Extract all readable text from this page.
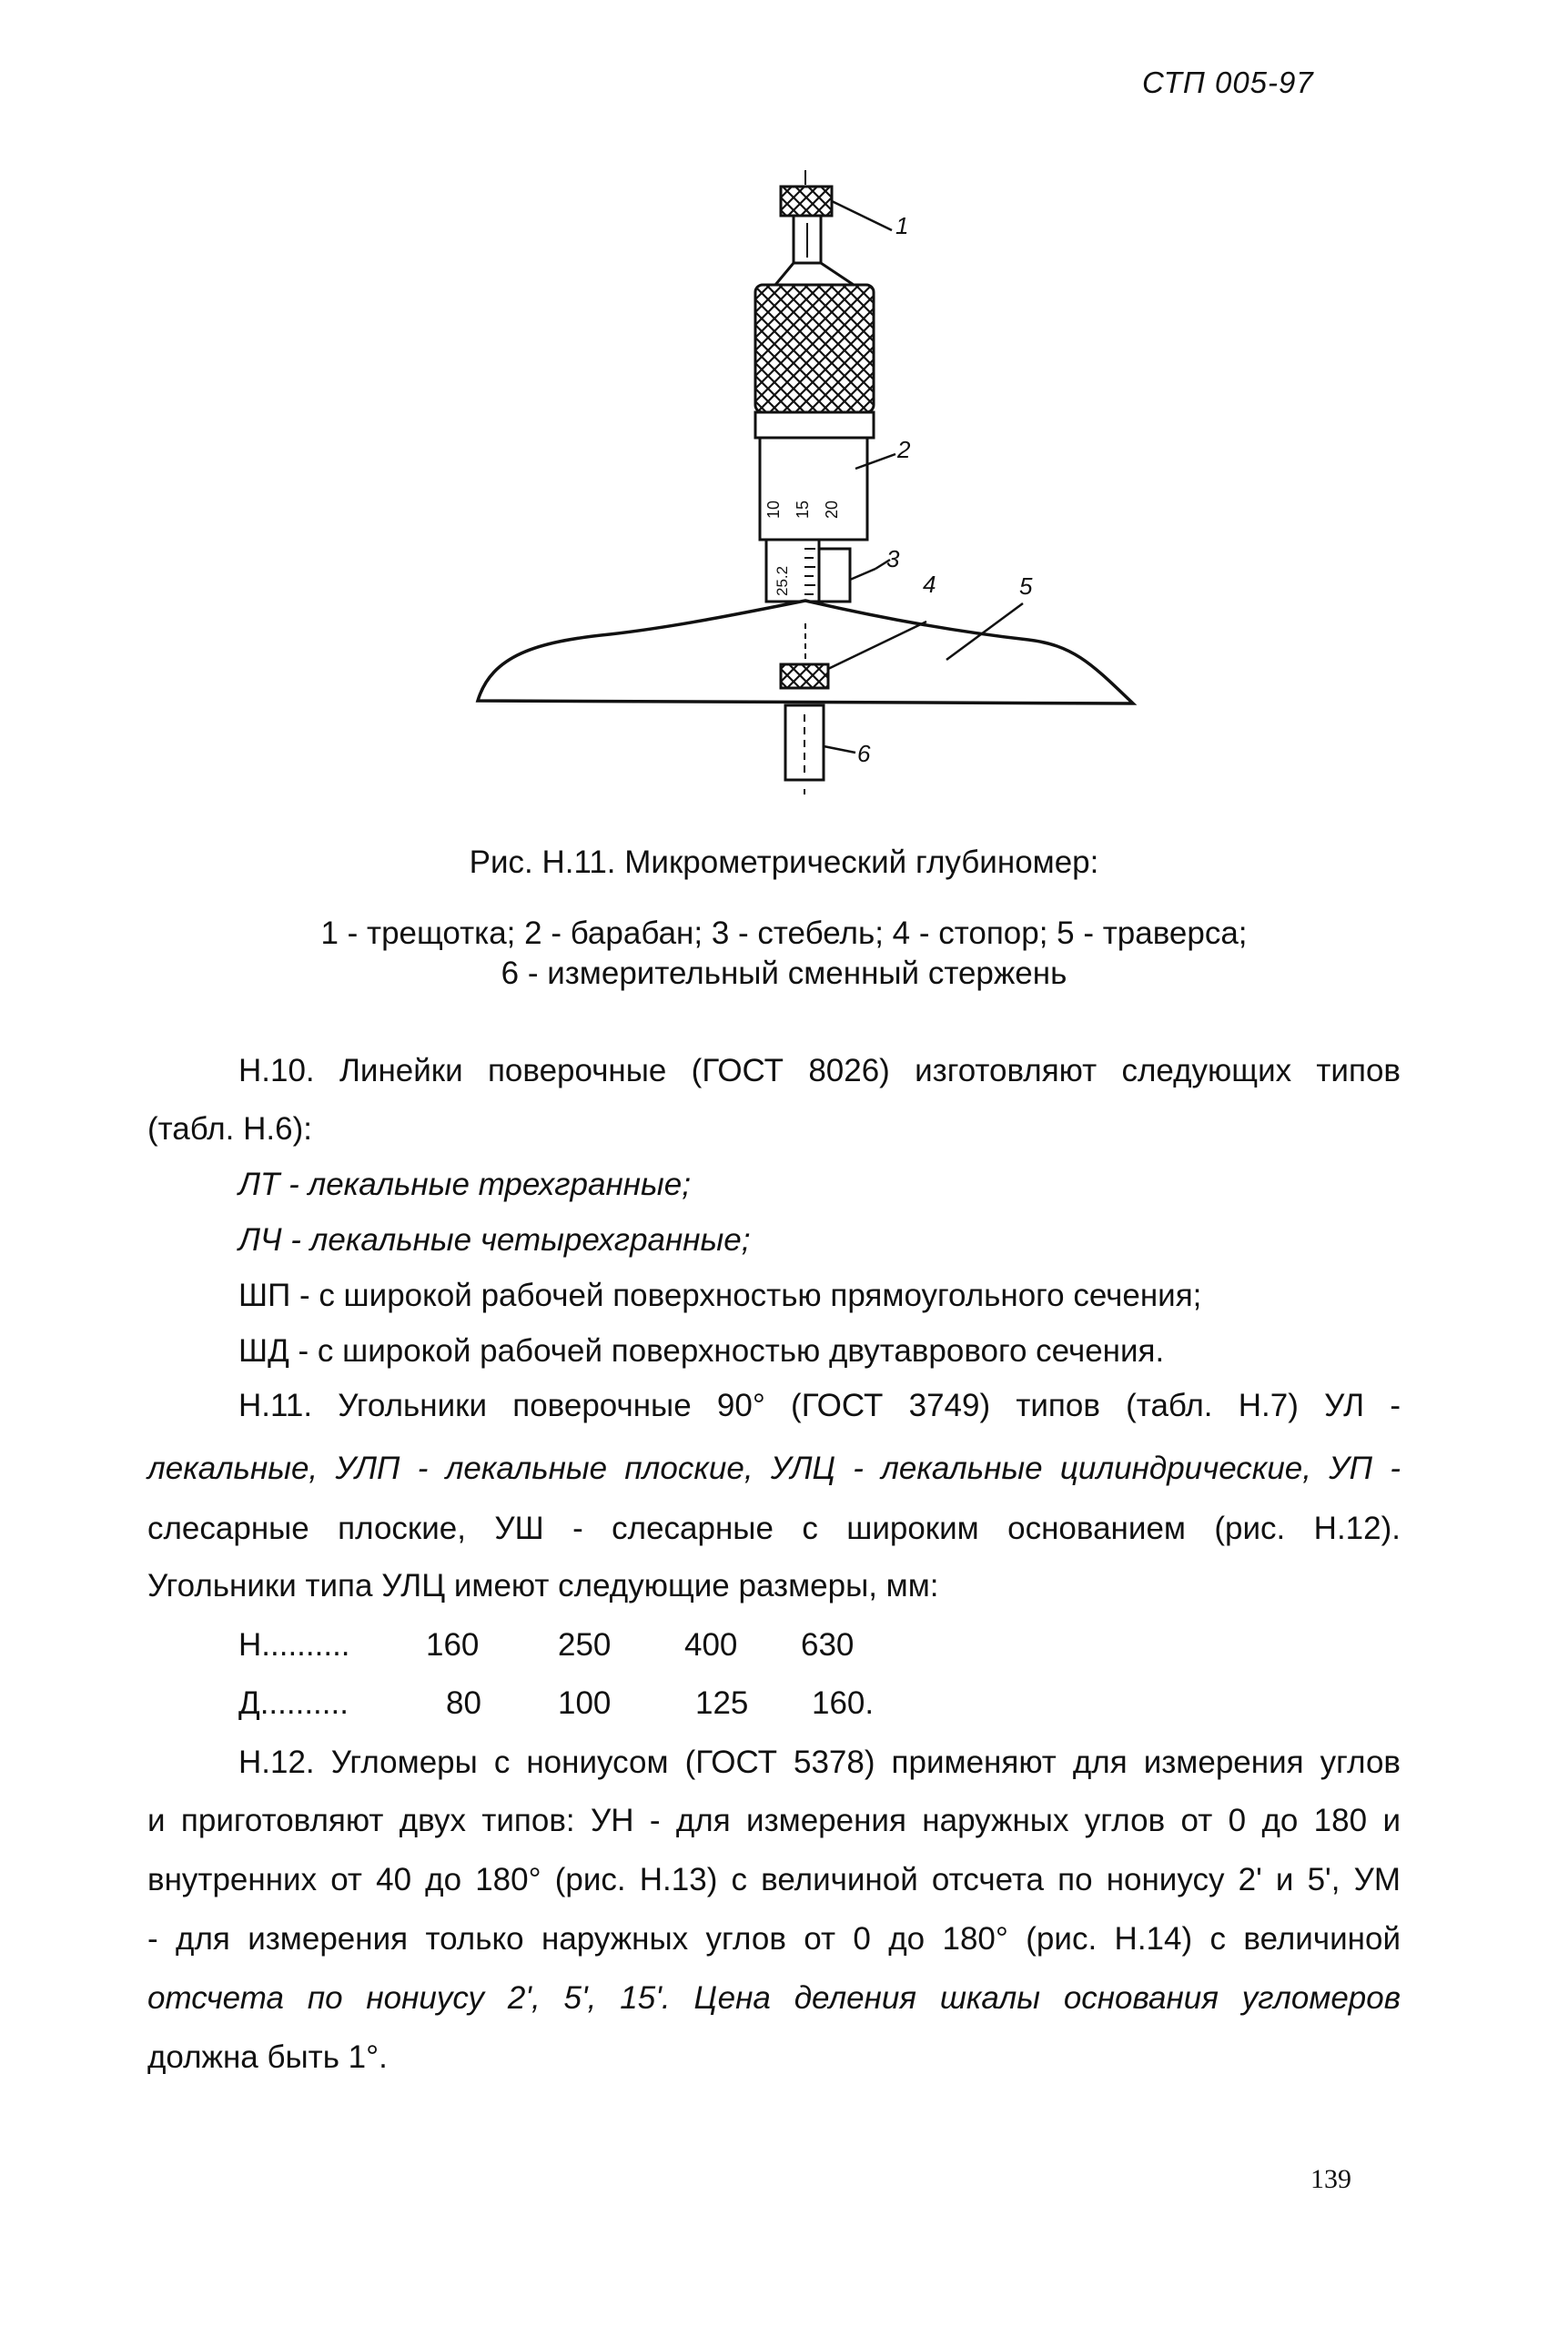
СТП 005-97
10 15 20
25.2
1
2
3
4	5
6
Рис. Н.11. Микрометрический глубиномер:
1 - трещотка; 2 - барабан; 3 - стебель; 4 - стопор; 5 - траверса;
6 - измерительный сменный стержень
Н.10. Линейки поверочные (ГОСТ 8026) изготовляют следующих типов
(табл. Н.6):
ЛТ - лекальные трехгранные;
ЛЧ - лекальные четырехгранные;
ШП - с широкой рабочей поверхностью прямоугольного сечения;
ШД - с широкой рабочей поверхностью двутаврового сечения.
Н.11. Угольники поверочные 90° (ГОСТ 3749) типов (табл. Н.7) УЛ -
лекальные, УЛП - лекальные плоские, УЛЦ - лекальные цилиндрические, УП -
слесарные плоские, УШ - слесарные с широким основанием (рис. Н.12).
Угольники типа УЛЦ имеют следующие размеры, мм:
Н.......... 160 250 400 630
Д..........	80 100	125 160.
Н.12. Угломеры с нониусом (ГОСТ 5378) применяют для измерения углов
и приготовляют двух типов: УН - для измерения наружных углов от 0 до 180 и
внутренних от 40 до 180° (рис. Н.13) с величиной отсчета по нониусу 2' и 5', УМ
- для измерения только наружных углов от 0 до 180° (рис. Н.14) с величиной
отсчета по нониусу 2', 5', 15'. Цена деления шкалы основания угломеров
должна быть 1°.
139
